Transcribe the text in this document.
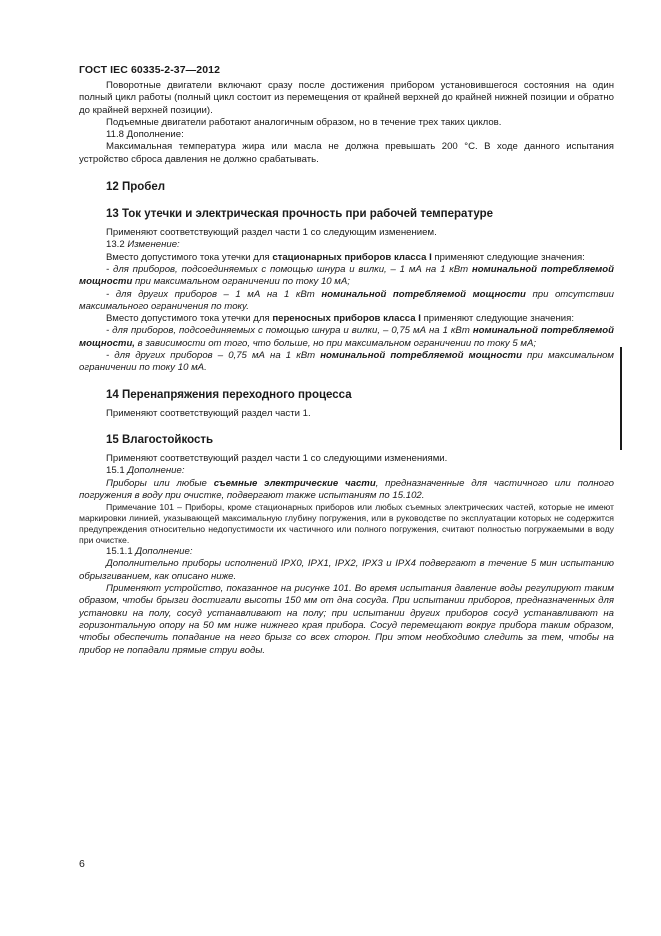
ГОСТ IEC 60335-2-37—2012

Поворотные двигатели включают сразу после достижения прибором установившегося состояния на один полный цикл работы (полный цикл состоит из перемещения от крайней верхней до крайней нижней позиции и обратно до крайней верхней позиции).

Подъемные двигатели работают аналогичным образом, но в течение трех таких циклов.

11.8 Дополнение:

Максимальная температура жира или масла не должна превышать 200 °С. В ходе данного испытания устройство сброса давления не должно срабатывать.

12 Пробел

13 Ток утечки и электрическая прочность при рабочей температуре

Применяют соответствующий раздел части 1 со следующим изменением.

13.2 Изменение:

Вместо допустимого тока утечки для стационарных приборов класса I применяют следующие значения:

- для приборов, подсоединяемых с помощью шнура и вилки, – 1 мА на 1 кВт номинальной потребляемой мощности при максимальном ограничении по току 10 мА;

- для других приборов – 1 мА на 1 кВт номинальной потребляемой мощности при отсутствии максимального ограничения по току.

Вместо допустимого тока утечки для переносных приборов класса I применяют следующие значения:

- для приборов, подсоединяемых с помощью шнура и вилки, – 0,75 мА на 1 кВт номинальной потребляемой мощности, в зависимости от того, что больше, но при максимальном ограничении по току 5 мА;

- для других приборов – 0,75 мА на 1 кВт номинальной потребляемой мощности при максимальном ограничении по току 10 мА.

14 Перенапряжения переходного процесса

Применяют соответствующий раздел части 1.

15 Влагостойкость

Применяют соответствующий раздел части 1 со следующими изменениями.

15.1 Дополнение:

Приборы или любые съемные электрические части, предназначенные для частичного или полного погружения в воду при очистке, подвергают также испытаниям по 15.102.

Примечание 101 – Приборы, кроме стационарных приборов или любых съемных электрических частей, которые не имеют маркировки линией, указывающей максимальную глубину погружения, или в руководстве по эксплуатации которых не содержится предупреждения относительно недопустимости их частичного или полного погружения, считают полностью погружаемыми в воду при очистке.

15.1.1 Дополнение:

Дополнительно приборы исполнений IPX0, IPX1, IPX2, IPX3 и IPX4 подвергают в течение 5 мин испытанию обрызгиванием, как описано ниже.

Применяют устройство, показанное на рисунке 101. Во время испытания давление воды регулируют таким образом, чтобы брызги достигали высоты 150 мм от дна сосуда. При испытании приборов, предназначенных для установки на полу, сосуд устанавливают на полу; при испытании других приборов сосуд устанавливают на горизонтальную опору на 50 мм ниже нижнего края прибора. Сосуд перемещают вокруг прибора таким образом, чтобы обеспечить попадание на него брызг со всех сторон. При этом необходимо следить за тем, чтобы на прибор не попадали прямые струи воды.

6
